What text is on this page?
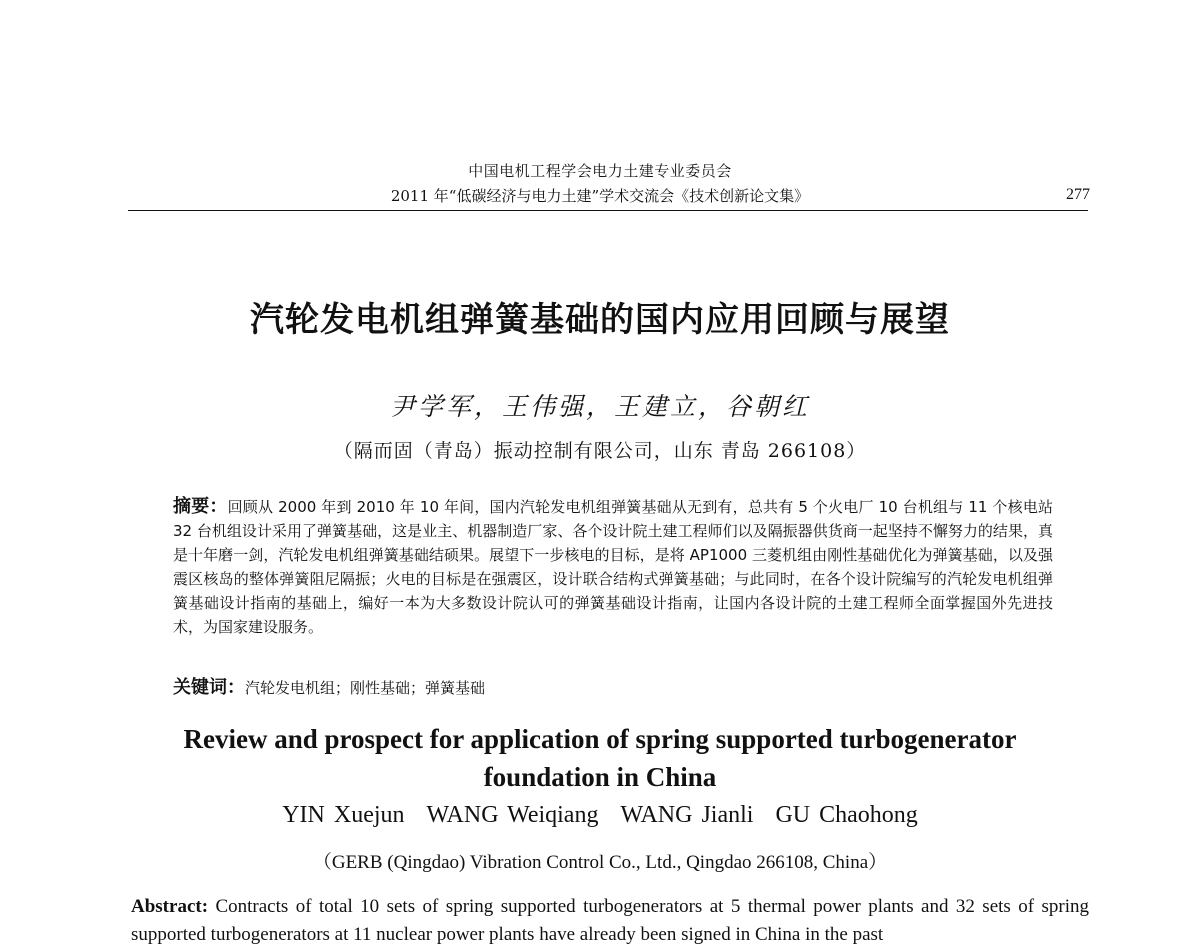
中国电机工程学会电力土建专业委员会
2011 年“低碳经济与电力土建”学术交流会《技术创新论文集》	277
汽轮发电机组弹簧基础的国内应用回顾与展望
尹学军，王伟强，王建立，谷朝红
（隔而固（青岛）振动控制有限公司，山东 青岛 266108）
摘要：回顾从 2000 年到 2010 年 10 年间，国内汽轮发电机组弹簧基础从无到有，总共有 5 个火电厂 10 台机组与 11 个核电站 32 台机组设计采用了弹簧基础，这是业主、机器制造厂家、各个设计院土建工程师们以及隔振器供货商一起坚持不懈努力的结果，真是十年磨一剑，汽轮发电机组弹簧基础结硕果。展望下一步核电的目标，是将 AP1000 三菱机组由刚性基础优化为弹簧基础，以及强震区核岛的整体弹簧阻尼隔振；火电的目标是在强震区，设计联合结构式弹簧基础；与此同时，在各个设计院编写的汽轮发电机组弹簧基础设计指南的基础上，编好一本为大多数设计院认可的弹簧基础设计指南，让国内各设计院的土建工程师全面掌握国外先进技术，为国家建设服务。
关键词：汽轮发电机组；刚性基础；弹簧基础
Review and prospect for application of spring supported turbogenerator
foundation in China
YIN Xuejun WANG Weiqiang WANG Jianli GU Chaohong
（GERB (Qingdao) Vibration Control Co., Ltd., Qingdao 266108, China）
Abstract: Contracts of total 10 sets of spring supported turbogenerators at 5 thermal power plants and 32 sets of spring supported turbogenerators at 11 nuclear power plants have already been signed in China in the past
